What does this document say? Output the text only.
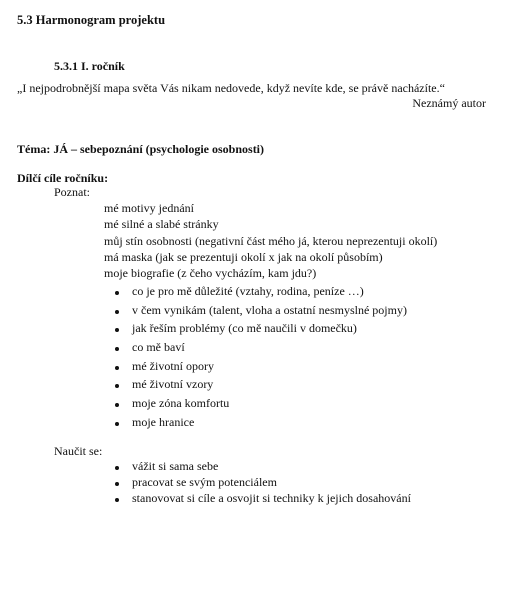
5.3 Harmonogram projektu
5.3.1 I. ročník
„I nejpodrobnější mapa světa Vás nikam nedovede, když nevíte kde, se právě nacházíte.“
Neznámý autor
Téma: JÁ – sebepoznání (psychologie osobnosti)
Dílčí cíle ročníku:
Poznat:
mé motivy jednání
mé silné a slabé stránky
můj stín osobnosti (negativní část mého já, kterou neprezentuji okolí)
má maska (jak se prezentuji okolí x jak na okolí působím)
moje biografie (z čeho vycházím, kam jdu?)
co je pro mě důležité (vztahy, rodina, peníze …)
v čem vynikám (talent, vloha a ostatní nesmyslné pojmy)
jak řeším problémy (co mě naučili v domečku)
co mě baví
mé životní opory
mé životní vzory
moje zóna komfortu
moje hranice
Naučit se:
vážit si sama sebe
pracovat se svým potenciálem
stanovovat si cíle a osvojit si techniky k jejich dosahování
